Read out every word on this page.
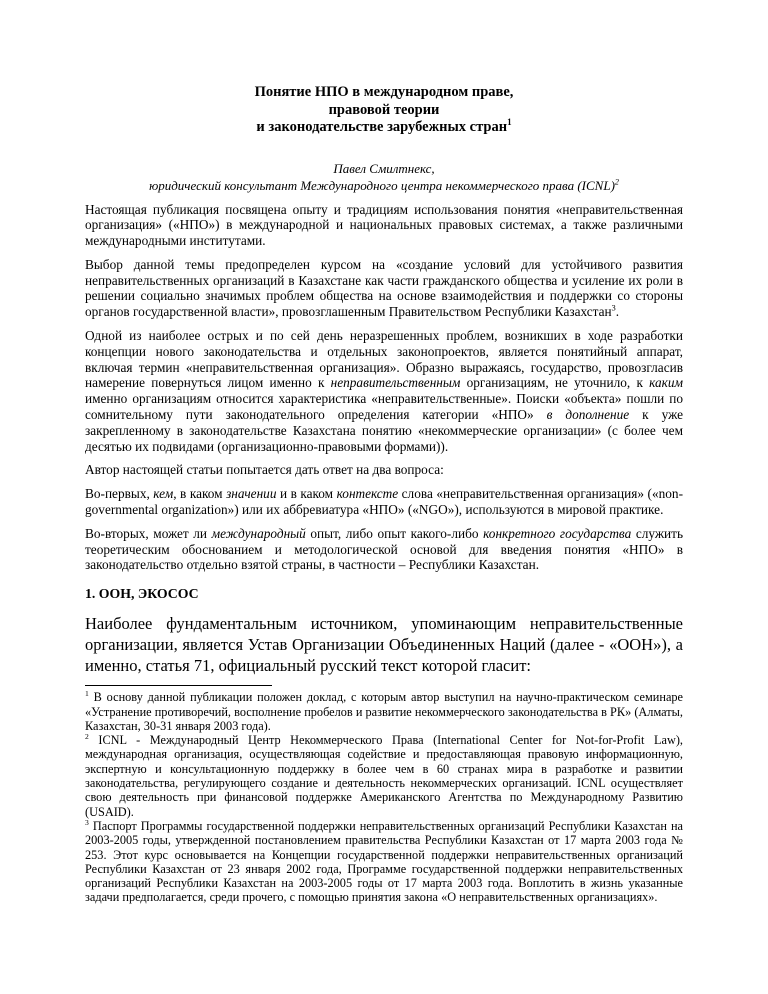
Понятие НПО в международном праве,
правовой теории
и законодательстве зарубежных стран$^1$
Павел Смилтнекс,
юридический консультант Международного центра некоммерческого права (ICNL)$^2$

Настоящая публикация посвящена опыту и традициям использования понятия «неправительственная организация» («НПО») в международной и национальных правовых системах, а также различными международными институтами.

Выбор данной темы предопределен курсом на «создание условий для устойчивого развития неправительственных организаций в Казахстане как части гражданского общества и усиление их роли в решении социально значимых проблем общества на основе взаимодействия и поддержки со стороны органов государственной власти», провозглашенным Правительством Республики Казахстан$^3$.

Одной из наиболее острых и по сей день неразрешенных проблем, возникших в ходе разработки концепции нового законодательства и отдельных законопроектов, является понятийный аппарат, включая термин «неправительственная организация». Образно выражаясь, государство, провозгласив намерение повернуться лицом именно к неправительственным организациям, не уточнило, к каким именно организациям относится характеристика «неправительственные». Поиски «объекта» пошли по сомнительному пути законодательного определения категории «НПО» в дополнение к уже закрепленному в законодательстве Казахстана понятию «некоммерческие организации» (с более чем десятью их подвидами (организационно-правовыми формами)).

Автор настоящей статьи попытается дать ответ на два вопроса:

Во-первых, кем, в каком значении и в каком контексте слова «неправительственная организация» («non-governmental organization») или их аббревиатура «НПО» («NGO»), используются в мировой практике.

Во-вторых, может ли международный опыт, либо опыт какого-либо конкретного государства служить теоретическим обоснованием и методологической основой для введения понятия «НПО» в законодательство отдельно взятой страны, в частности – Республики Казахстан.

1. ООН, ЭКОСОС

Наиболее фундаментальным источником, упоминающим неправительственные организации, является Устав Организации Объединенных Наций (далее - «ООН»), а именно, статья 71, официальный русский текст которой гласит:

$^1$ В основу данной публикации положен доклад, с которым автор выступил на научно-практическом семинаре «Устранение противоречий, восполнение пробелов и развитие некоммерческого законодательства в РК» (Алматы, Казахстан, 30-31 января 2003 года).

$^2$ ICNL - Международный Центр Некоммерческого Права (International Center for Not-for-Profit Law), международная организация, осуществляющая содействие и предоставляющая правовую информационную, экспертную и консультационную поддержку в более чем в 60 странах мира в разработке и развитии законодательства, регулирующего создание и деятельность некоммерческих организаций. ICNL осуществляет свою деятельность при финансовой поддержке Американского Агентства по Международному Развитию (USAID).

$^3$ Паспорт Программы государственной поддержки неправительственных организаций Республики Казахстан на 2003-2005 годы, утвержденной постановлением правительства Республики Казахстан от 17 марта 2003 года № 253. Этот курс основывается на Концепции государственной поддержки неправительственных организаций Республики Казахстан от 23 января 2002 года, Программе государственной поддержки неправительственных организаций Республики Казахстан на 2003-2005 годы от 17 марта 2003 года. Воплотить в жизнь указанные задачи предполагается, среди прочего, с помощью принятия закона «О неправительственных организациях».
